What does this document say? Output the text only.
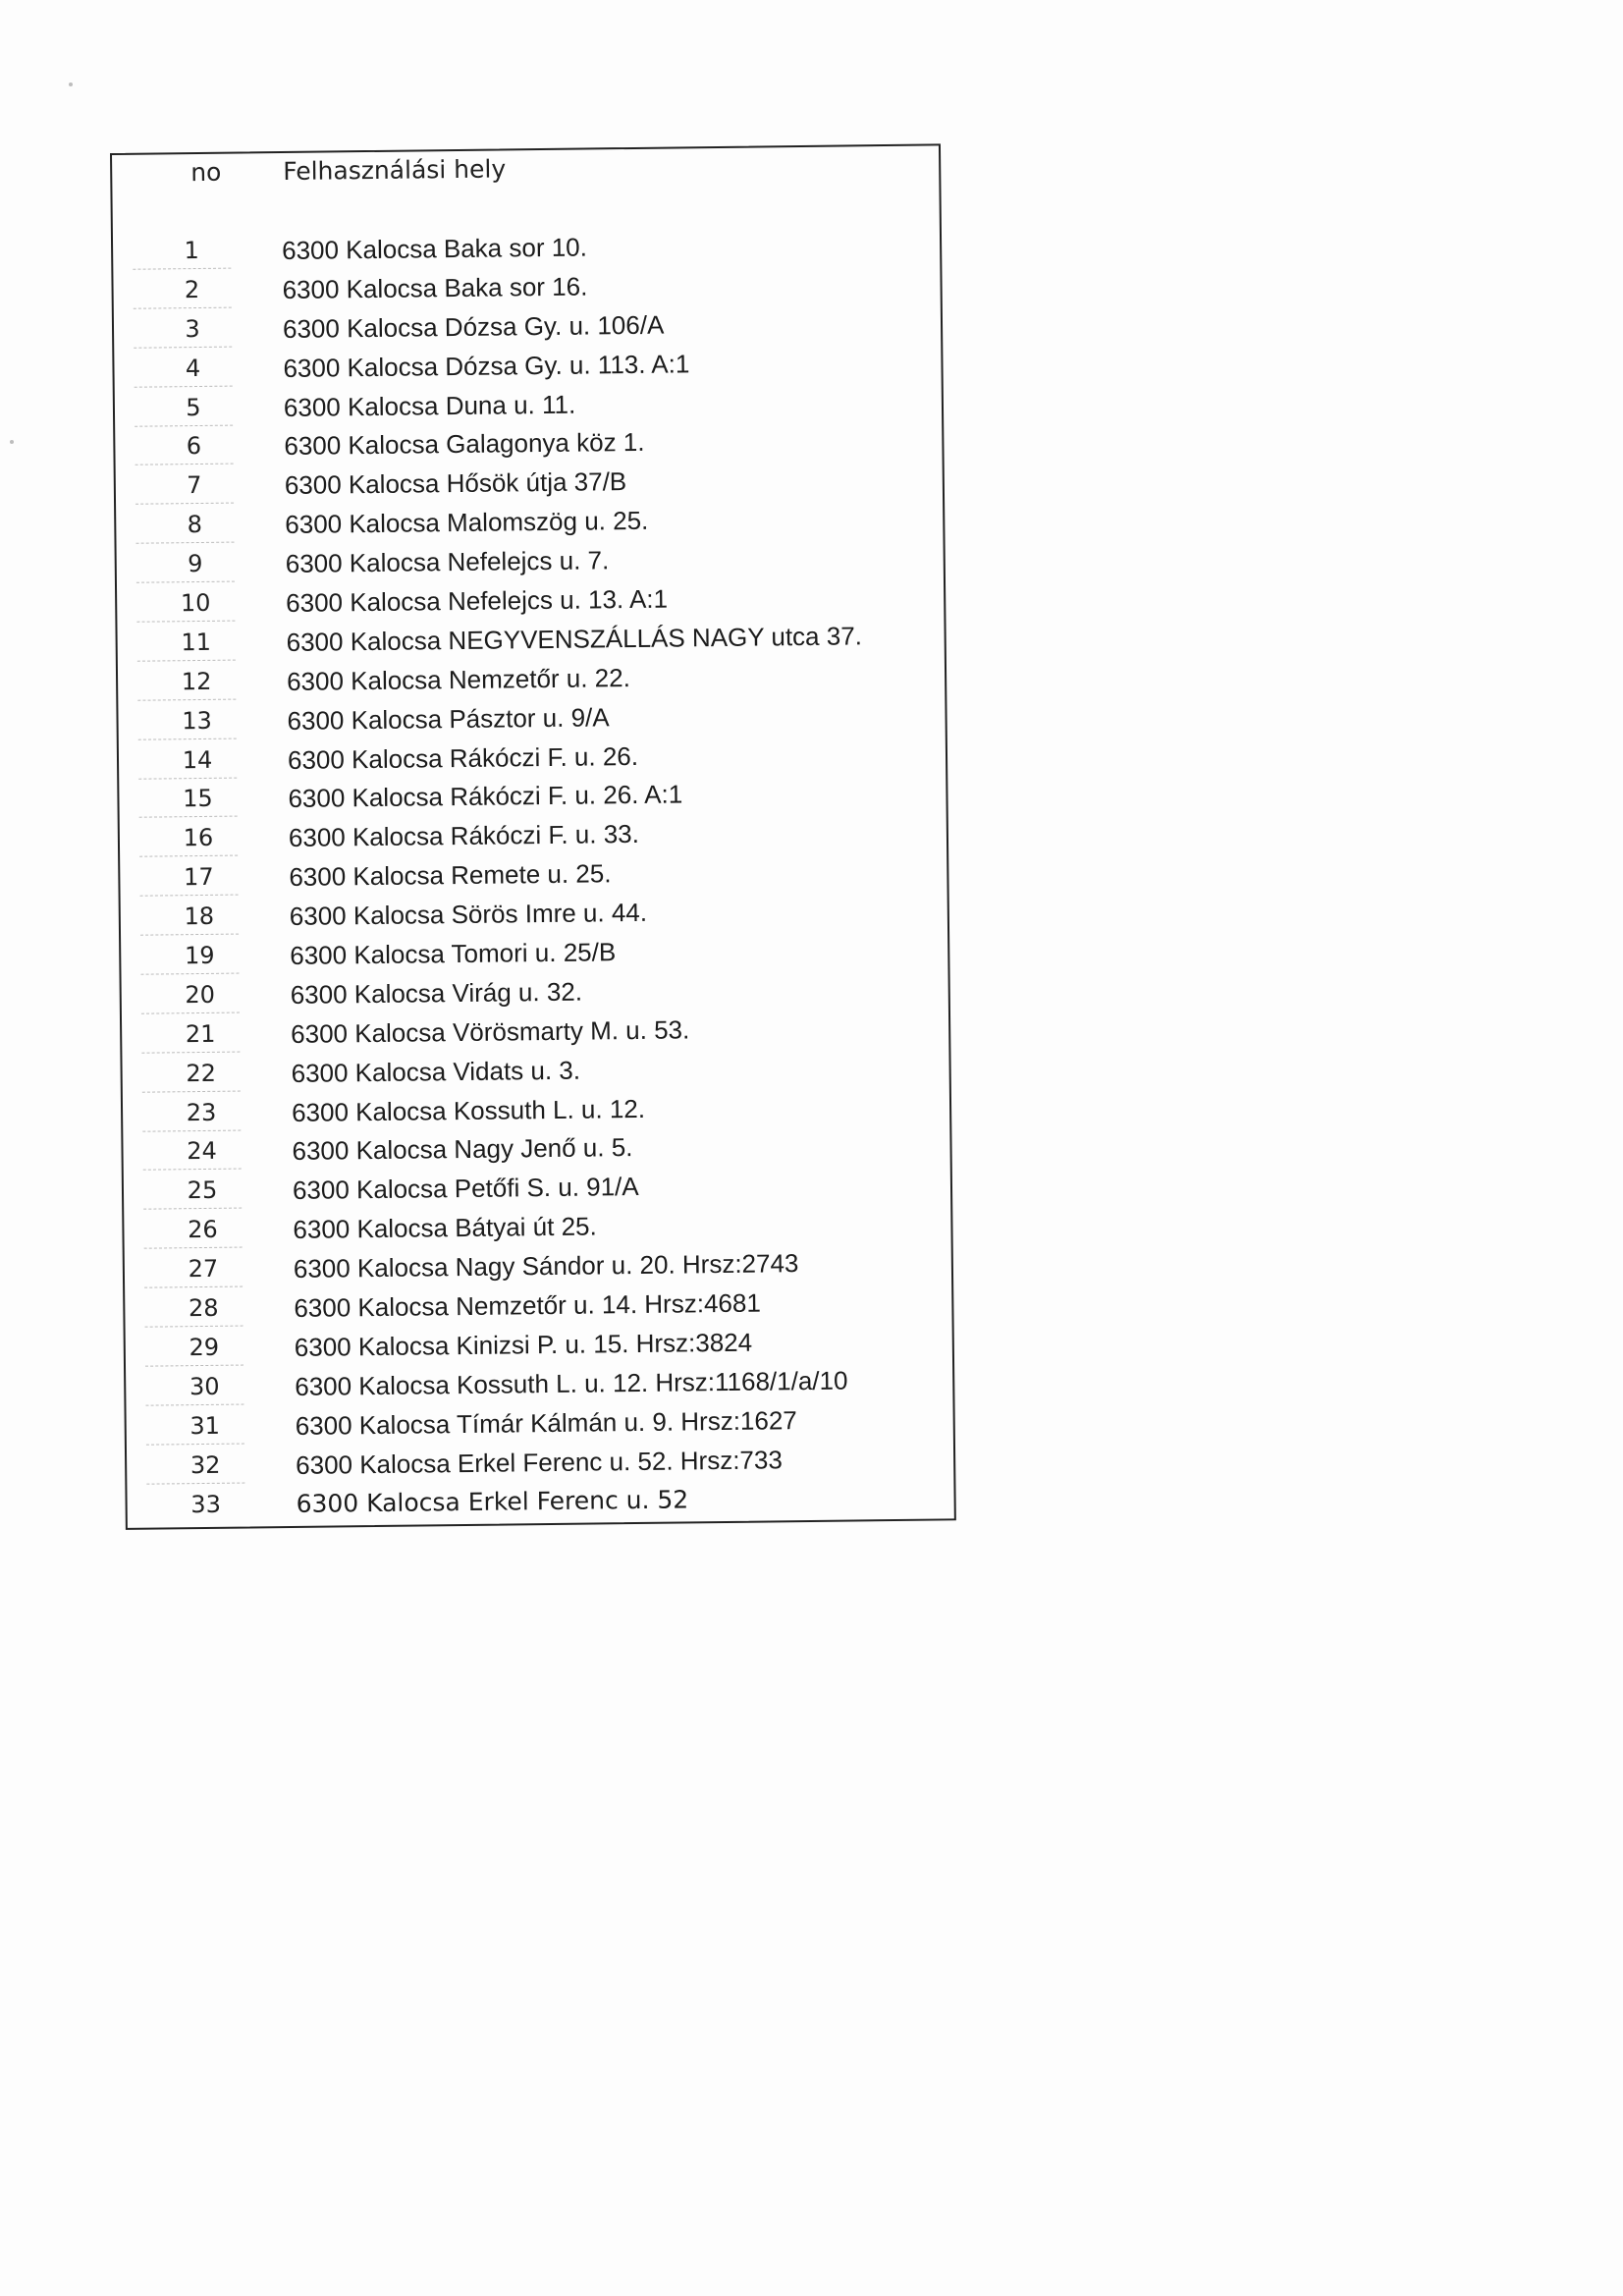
no	Felhasználási hely
1	6300 Kalocsa Baka sor 10.
2	6300 Kalocsa Baka sor 16.
3	6300 Kalocsa Dózsa Gy. u. 106/A
4	6300 Kalocsa Dózsa Gy. u. 113. A:1
5	6300 Kalocsa Duna u. 11.
6	6300 Kalocsa Galagonya köz 1.
7	6300 Kalocsa Hősök útja 37/B
8	6300 Kalocsa Malomszög u. 25.
9	6300 Kalocsa Nefelejcs u. 7.
10	6300 Kalocsa Nefelejcs u. 13. A:1
11	6300 Kalocsa NEGYVENSZÁLLÁS NAGY utca 37.
12	6300 Kalocsa Nemzetőr u. 22.
13	6300 Kalocsa Pásztor u. 9/A
14	6300 Kalocsa Rákóczi F. u. 26.
15	6300 Kalocsa Rákóczi F. u. 26. A:1
16	6300 Kalocsa Rákóczi F. u. 33.
17	6300 Kalocsa Remete u. 25.
18	6300 Kalocsa Sörös Imre u. 44.
19	6300 Kalocsa Tomori u. 25/B
20	6300 Kalocsa Virág u. 32.
21	6300 Kalocsa Vörösmarty M. u. 53.
22	6300 Kalocsa Vidats u. 3.
23	6300 Kalocsa Kossuth L. u. 12.
24	6300 Kalocsa Nagy Jenő u. 5.
25	6300 Kalocsa Petőfi S. u. 91/A
26	6300 Kalocsa Bátyai út 25.
27	6300 Kalocsa Nagy Sándor u. 20. Hrsz:2743
28	6300 Kalocsa Nemzetőr u. 14. Hrsz:4681
29	6300 Kalocsa Kinizsi P. u. 15. Hrsz:3824
30	6300 Kalocsa Kossuth L. u. 12. Hrsz:1168/1/a/10
31	6300 Kalocsa Tímár Kálmán u. 9. Hrsz:1627
32	6300 Kalocsa Erkel Ferenc u. 52. Hrsz:733
33	6300 Kalocsa Erkel Ferenc u. 52
